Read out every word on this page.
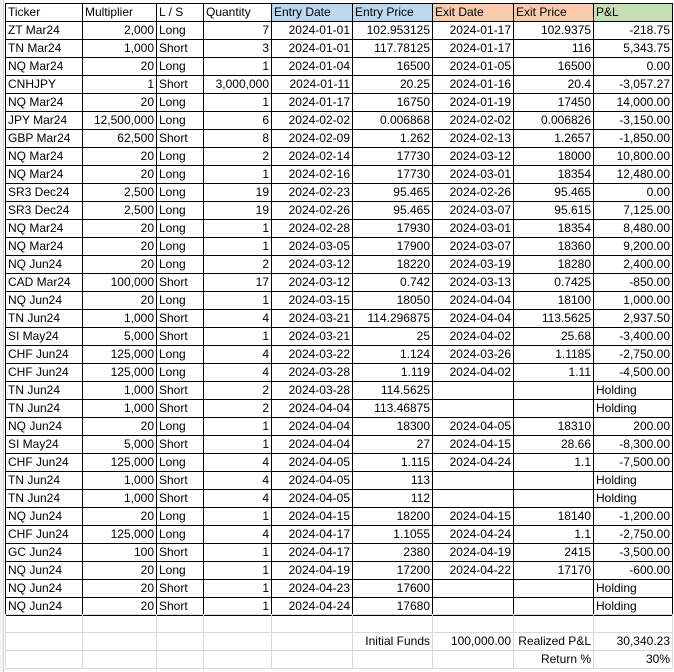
Ticker	Multiplier	L / S	Quantity	Entry Date	Entry Price	Exit Date	Exit Price	P&L
ZT Mar24	2,000	Long	7	2024-01-01	102.953125	2024-01-17	102.9375	-218.75
TN Mar24	1,000	Short	3	2024-01-01	117.78125	2024-01-17	116	5,343.75
NQ Mar24	20	Long	1	2024-01-04	16500	2024-01-05	16500	0.00
CNHJPY	1	Short	3,000,000	2024-01-11	20.25	2024-01-16	20.4	-3,057.27
NQ Mar24	20	Long	1	2024-01-17	16750	2024-01-19	17450	14,000.00
JPY Mar24	12,500,000	Long	6	2024-02-02	0.006868	2024-02-02	0.006826	-3,150.00
GBP Mar24	62,500	Short	8	2024-02-09	1.262	2024-02-13	1.2657	-1,850.00
NQ Mar24	20	Long	2	2024-02-14	17730	2024-03-12	18000	10,800.00
NQ Mar24	20	Long	1	2024-02-16	17730	2024-03-01	18354	12,480.00
SR3 Dec24	2,500	Long	19	2024-02-23	95.465	2024-02-26	95.465	0.00
SR3 Dec24	2,500	Long	19	2024-02-26	95.465	2024-03-07	95.615	7,125.00
NQ Mar24	20	Long	1	2024-02-28	17930	2024-03-01	18354	8,480.00
NQ Mar24	20	Long	1	2024-03-05	17900	2024-03-07	18360	9,200.00
NQ Jun24	20	Long	2	2024-03-12	18220	2024-03-19	18280	2,400.00
CAD Mar24	100,000	Short	17	2024-03-12	0.742	2024-03-13	0.7425	-850.00
NQ Jun24	20	Long	1	2024-03-15	18050	2024-04-04	18100	1,000.00
TN Jun24	1,000	Short	4	2024-03-21	114.296875	2024-04-04	113.5625	2,937.50
SI May24	5,000	Short	1	2024-03-21	25	2024-04-02	25.68	-3,400.00
CHF Jun24	125,000	Long	4	2024-03-22	1.124	2024-03-26	1.1185	-2,750.00
CHF Jun24	125,000	Long	4	2024-03-28	1.119	2024-04-02	1.11	-4,500.00
TN Jun24	1,000	Short	2	2024-03-28	114.5625			Holding
TN Jun24	1,000	Short	2	2024-04-04	113.46875			Holding
NQ Jun24	20	Long	1	2024-04-04	18300	2024-04-05	18310	200.00
SI May24	5,000	Short	1	2024-04-04	27	2024-04-15	28.66	-8,300.00
CHF Jun24	125,000	Long	4	2024-04-05	1.115	2024-04-24	1.1	-7,500.00
TN Jun24	1,000	Short	4	2024-04-05	113			Holding
TN Jun24	1,000	Short	4	2024-04-05	112			Holding
NQ Jun24	20	Long	1	2024-04-15	18200	2024-04-15	18140	-1,200.00
CHF Jun24	125,000	Long	4	2024-04-17	1.1055	2024-04-24	1.1	-2,750.00
GC Jun24	100	Short	1	2024-04-17	2380	2024-04-19	2415	-3,500.00
NQ Jun24	20	Long	1	2024-04-19	17200	2024-04-22	17170	-600.00
NQ Jun24	20	Short	1	2024-04-23	17600			Holding
NQ Jun24	20	Short	1	2024-04-24	17680			Holding

					Initial Funds	100,000.00	Realized P&L	30,340.23
							Return %	30%
